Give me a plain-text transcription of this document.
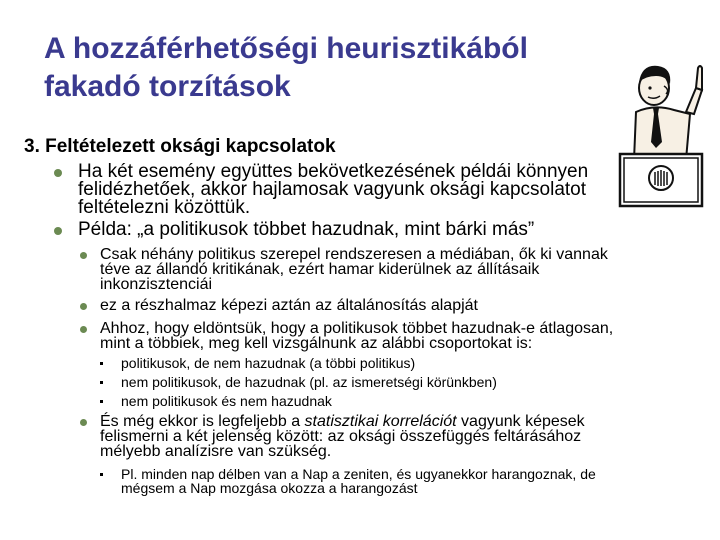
A hozzáférhetőségi heurisztikából
fakadó torzítások
3. Feltételezett oksági kapcsolatok
Ha két esemény együttes bekövetkezésének példái könnyen
felidézhetőek, akkor hajlamosak vagyunk oksági kapcsolatot
feltételezni közöttük.
Példa: „a politikusok többet hazudnak, mint bárki más”
Csak néhány politikus szerepel rendszeresen a médiában, ők ki vannak
téve az állandó kritikának, ezért hamar kiderülnek az állításaik
inkonzisztenciái
ez a részhalmaz képezi aztán az általánosítás alapját
Ahhoz, hogy eldöntsük, hogy a politikusok többet hazudnak-e átlagosan,
mint a többiek, meg kell vizsgálnunk az alábbi csoportokat is:
politikusok, de nem hazudnak (a többi politikus)
nem politikusok, de hazudnak (pl. az ismeretségi körünkben)
nem politikusok és nem hazudnak
És még ekkor is legfeljebb a statisztikai korrelációt vagyunk képesek
felismerni a két jelenség között: az oksági összefüggés feltárásához
mélyebb analízisre van szükség.
Pl. minden nap délben van a Nap a zeniten, és ugyanekkor harangoznak, de
mégsem a Nap mozgása okozza a harangozást
